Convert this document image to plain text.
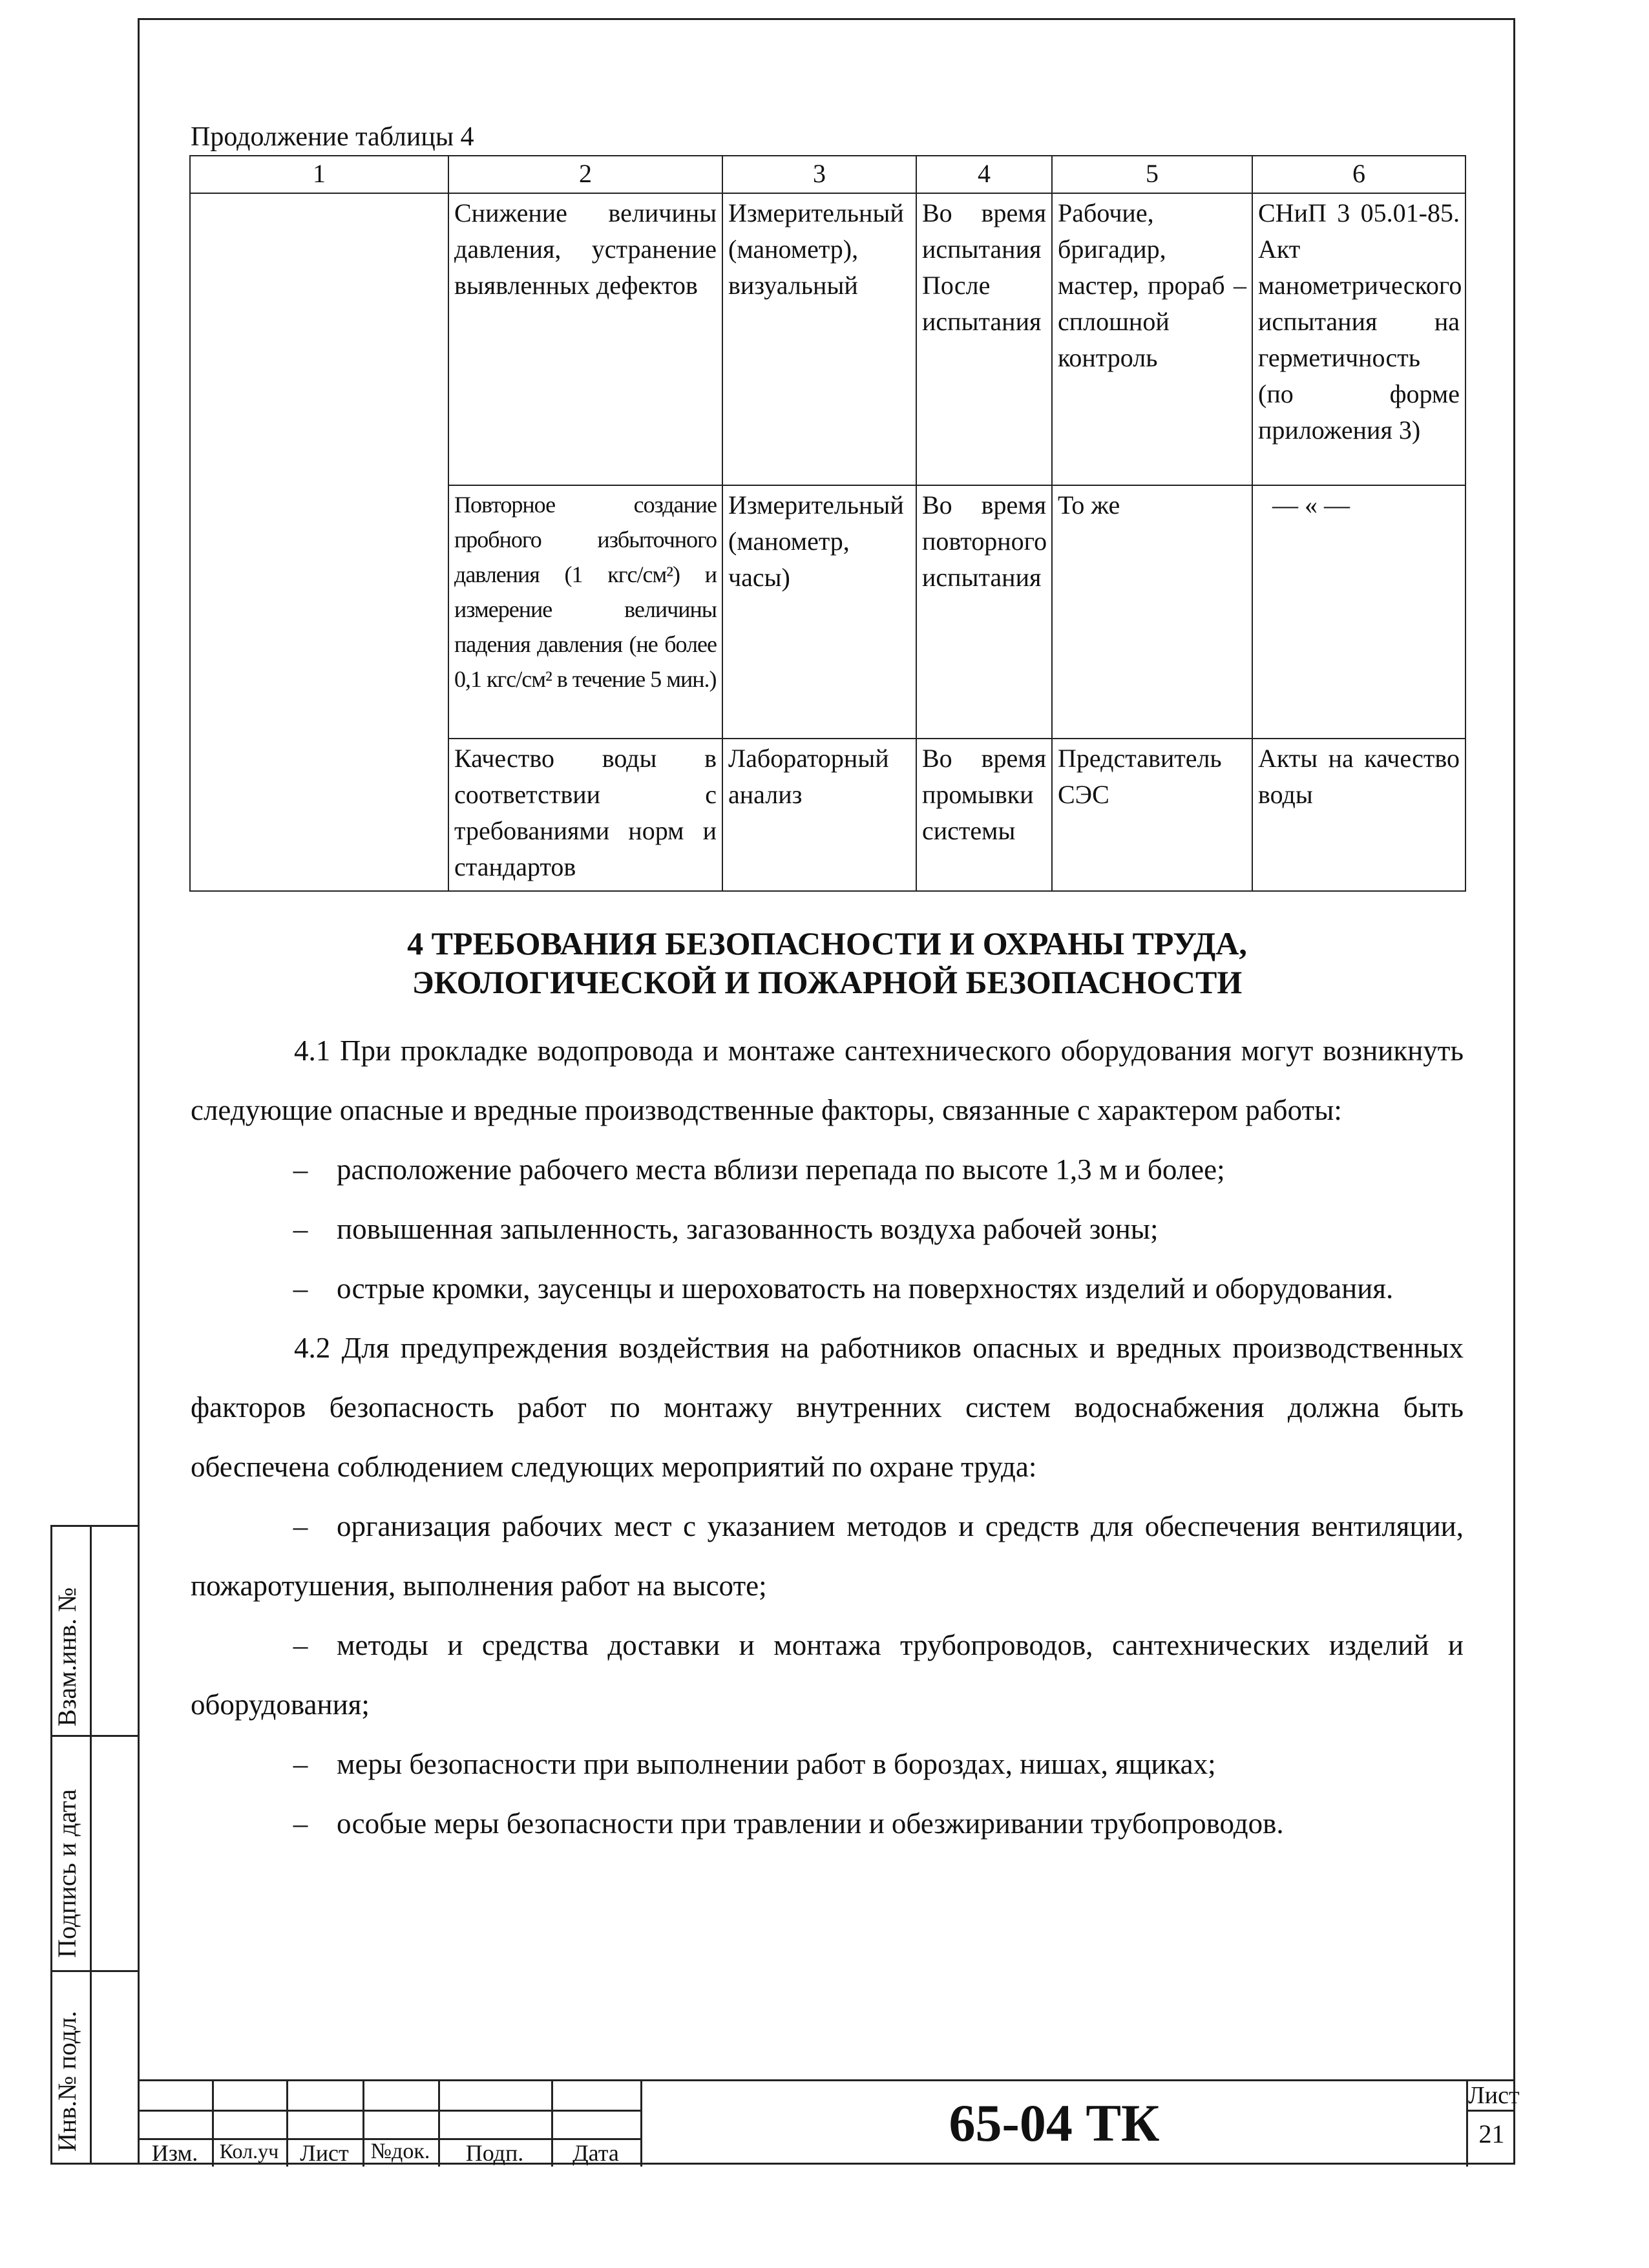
Продолжение таблицы 4
1	2	3	4	5	6
	Снижение величины давления, устранение выявленных дефектов	Измерительный (манометр), визуальный	Во время испытания После испытания	Рабочие, бригадир, мастер, прораб – сплошной контроль	СНиП 3 05.01-85. Акт манометрического испытания на герметичность (по форме приложения 3)
	Повторное создание пробного избыточного давления (1 кгс/см²) и измерение величины падения давления (не более 0,1 кгс/см² в течение 5 мин.)	Измерительный (манометр, часы)	Во время повторного испытания	То же	— « —
	Качество воды в соответствии с требованиями норм и стандартов	Лабораторный анализ	Во время промывки системы	Представитель СЭС	Акты на качество воды
4 ТРЕБОВАНИЯ БЕЗОПАСНОСТИ И ОХРАНЫ ТРУДА,
ЭКОЛОГИЧЕСКОЙ И ПОЖАРНОЙ БЕЗОПАСНОСТИ
4.1 При прокладке водопровода и монтаже сантехнического оборудования могут возникнуть следующие опасные и вредные производственные факторы, связанные с характером работы:
– расположение рабочего места вблизи перепада по высоте 1,3 м и более;
– повышенная запыленность, загазованность воздуха рабочей зоны;
– острые кромки, заусенцы и шероховатость на поверхностях изделий и оборудования.
4.2 Для предупреждения воздействия на работников опасных и вредных производственных факторов безопасность работ по монтажу внутренних систем водоснабжения должна быть обеспечена соблюдением следующих мероприятий по охране труда:
– организация рабочих мест с указанием методов и средств для обеспечения вентиляции, пожаротушения, выполнения работ на высоте;
– методы и средства доставки и монтажа трубопроводов, сантехнических изделий и оборудования;
– меры безопасности при выполнении работ в бороздах, нишах, ящиках;
– особые меры безопасности при травлении и обезжиривании трубопроводов.
Взам.инв. №
Подпись и дата
Инв.№ подл.
Изм.	Кол.уч Лист №док.	Подп.	Дата
65-04 ТК	Лист
21
